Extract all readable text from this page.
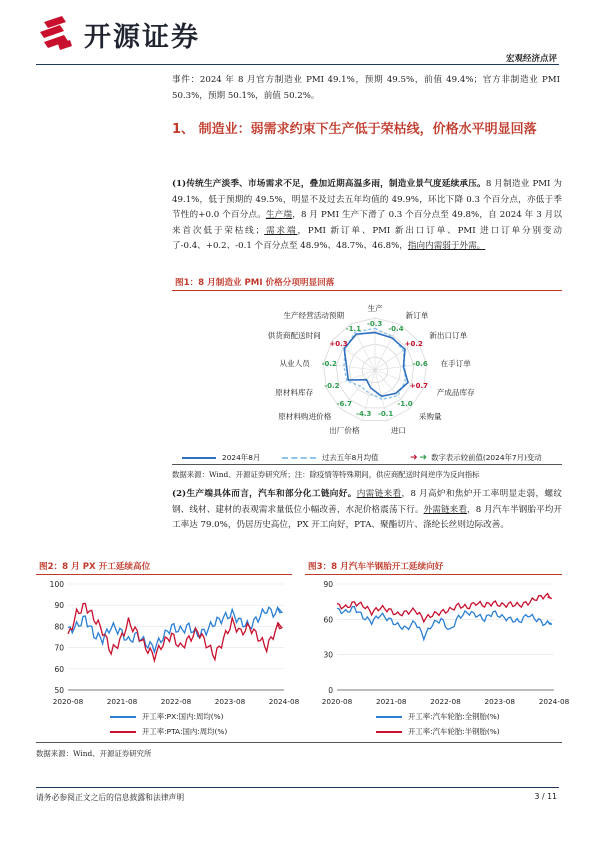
开源证券
宏观经济点评
事件：2024 年 8 月官方制造业 PMI 49.1%，预期 49.5%，前值 49.4%；官方非制造业 PMI 50.3%，预期 50.1%，前值 50.2%。
1、 制造业：弱需求约束下生产低于荣枯线，价格水平明显回落
(1)传统生产淡季、市场需求不足，叠加近期高温多雨，制造业景气度延续承压。8 月制造业 PMI 为 49.1%，低于预期的 49.5%，明显不及过去五年均值的 49.9%，环比下降 0.3 个百分点，亦低于季节性的+0.0 个百分点。生产端，8 月 PMI 生产下滑了 0.3 个百分点至 49.8%，自 2024 年 3 月以来首次低于荣枯线；需求端，PMI 新订单、PMI 新出口订单、PMI 进口订单分别变动了-0.4、+0.2、-0.1 个百分点至 48.9%、48.7%、46.8%，指向内需弱于外需。
图1：8 月制造业 PMI 价格分项明显回落
生产
-0.3
新订单
-0.4
新出口订单
+0.2
在手订单
-0.6
产成品库存
+0.7
采购量
-1.0
进口
-0.1
出厂价格
-4.3
原材料购进价格
-6.7
原材料库存
-0.2
从业人员 -0.2
供货商配送时间
+0.3
生产经营活动预期
-1.1
2024年8月	过去五年8月均值	➜ ➜ 数字表示较前值(2024年7月)变动
数据来源：Wind、开源证券研究所；注：除疫情等特殊期间，供应商配送时间逆序为反向指标
(2)生产端具体而言，汽车和部分化工链向好。内需链来看，8 月高炉和焦炉开工率明显走弱，螺纹钢、线材、建材的表观需求量低位小幅改善，水泥价格震荡下行。外需链来看，8 月汽车半钢胎平均开工率达 79.0%，仍居历史高位，PX 开工向好，PTA、聚酯切片、涤纶长丝则边际改善。
图2：8 月 PX 开工延续高位
50
60
70
80
90
100
2020-08	2021-08	2022-08	2023-08	2024-08
开工率:PX:国内:周均(%)
开工率:PTA:国内:周均(%)
图3：8 月汽车半钢胎开工延续向好
0
30
60
90
2020-08	2021-08	2022-08	2023-08	2024-08
开工率:汽车轮胎:全钢胎(%)
开工率:汽车轮胎:半钢胎(%)
数据来源：Wind、开源证券研究所
请务必参阅正文之后的信息披露和法律声明	3 / 11
